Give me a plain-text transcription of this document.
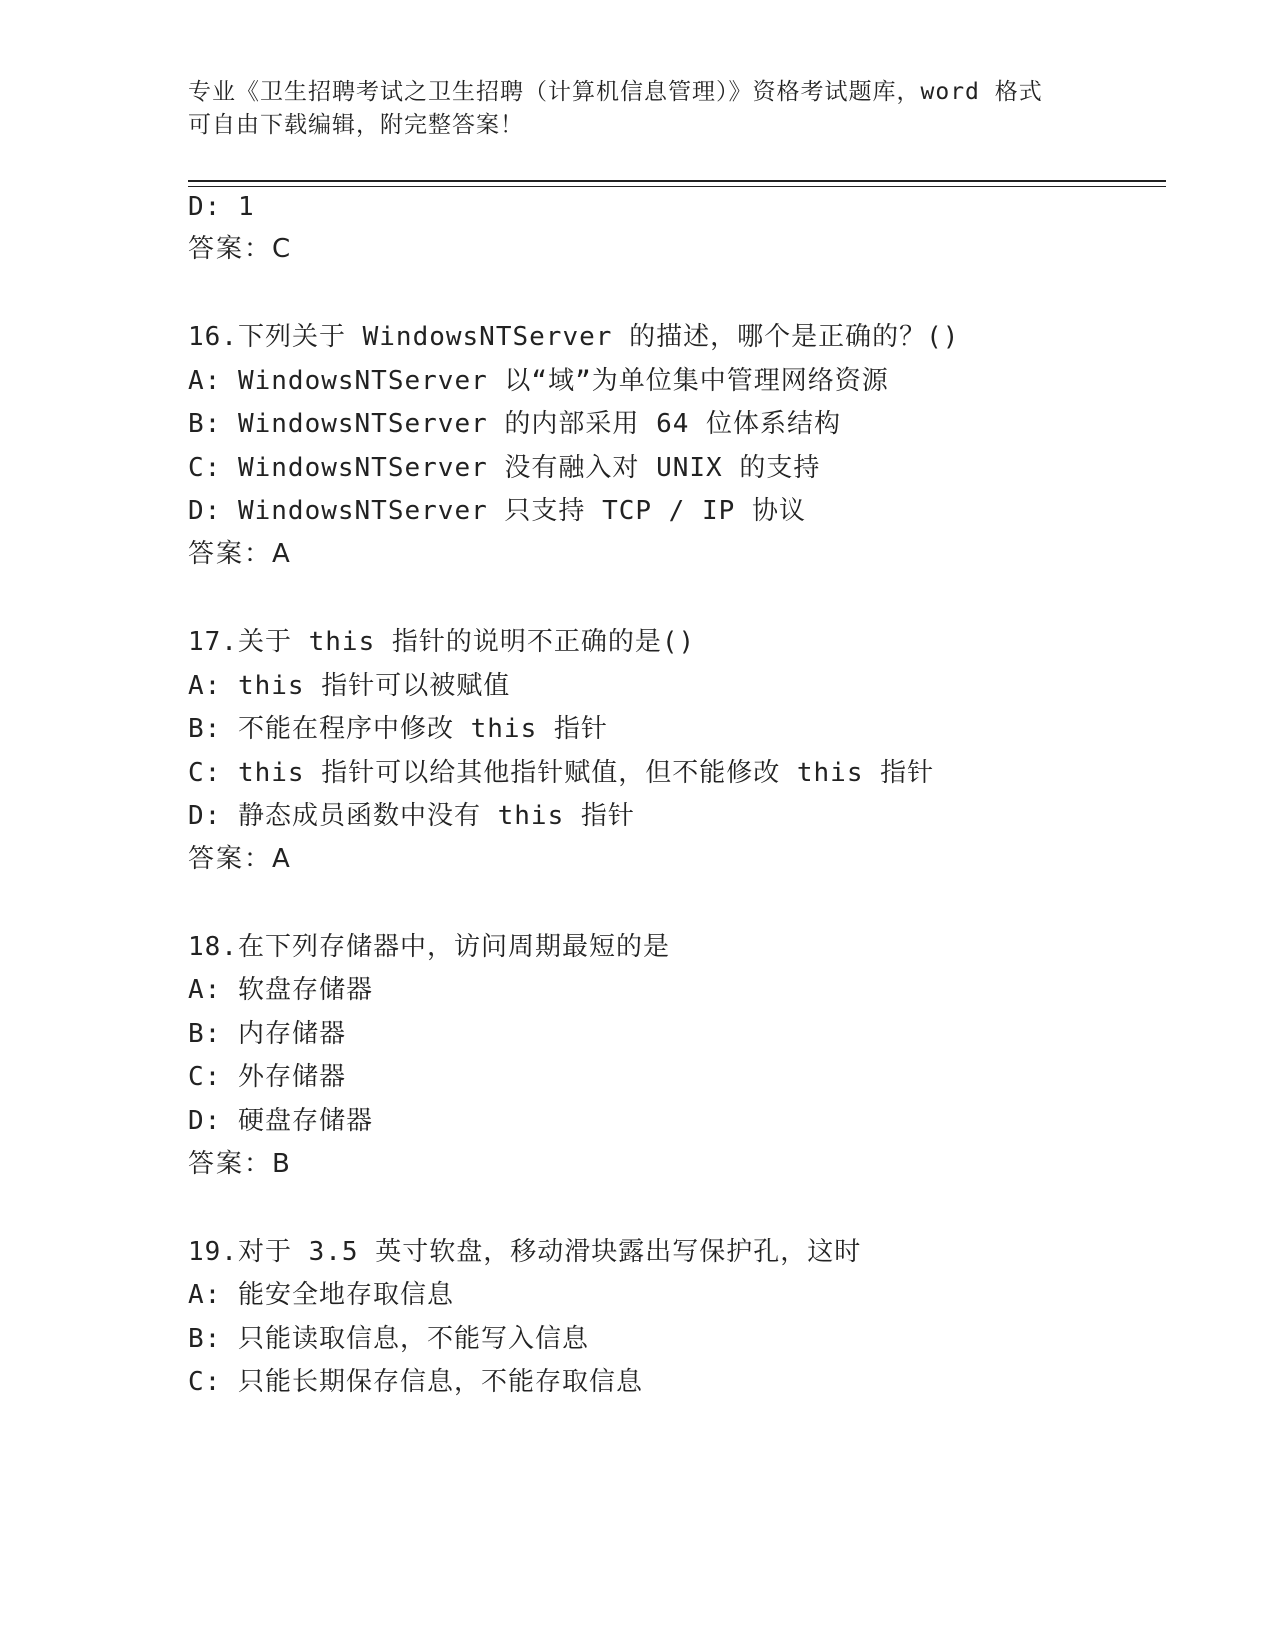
专业《卫生招聘考试之卫生招聘（计算机信息管理）》资格考试题库，word 格式
可自由下载编辑，附完整答案！
D: 1
答案：C
16.下列关于 WindowsNTServer 的描述，哪个是正确的？()
A: WindowsNTServer 以“域”为单位集中管理网络资源
B: WindowsNTServer 的内部采用 64 位体系结构
C: WindowsNTServer 没有融入对 UNIX 的支持
D: WindowsNTServer 只支持 TCP / IP 协议
答案：A
17.关于 this 指针的说明不正确的是()
A: this 指针可以被赋值
B: 不能在程序中修改 this 指针
C: this 指针可以给其他指针赋值，但不能修改 this 指针
D: 静态成员函数中没有 this 指针
答案：A
18.在下列存储器中，访问周期最短的是
A: 软盘存储器
B: 内存储器
C: 外存储器
D: 硬盘存储器
答案：B
19.对于 3.5 英寸软盘，移动滑块露出写保护孔，这时
A: 能安全地存取信息
B: 只能读取信息，不能写入信息
C: 只能长期保存信息，不能存取信息
